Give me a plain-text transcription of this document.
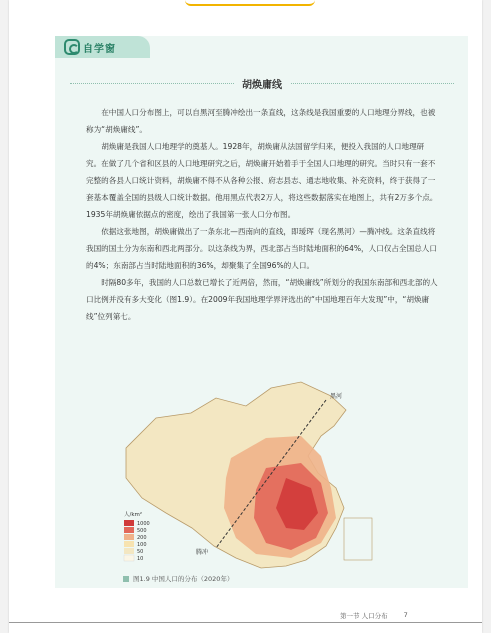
自学窗
胡焕庸线

在中国人口分布图上，可以自黑河至腾冲绘出一条直线，这条线是我国重要的人口地理分界线，也被称为“胡焕庸线”。

胡焕庸是我国人口地理学的奠基人。1928年，胡焕庸从法国留学归来，便投入我国的人口地理研究。在做了几个省和区县的人口地理研究之后，胡焕庸开始着手于全国人口地理的研究。当时只有一套不完整的各县人口统计资料，胡焕庸不得不从各种公报、府志县志、通志地收集、补充资料，终于获得了一套基本覆盖全国的县级人口统计数据。他用黑点代表2万人，将这些数据落实在地图上，共有2万多个点。1935年胡焕庸依据点的密度，绘出了我国第一张人口分布图。

依据这张地图，胡焕庸做出了一条东北—西南向的直线，即瑷珲（现名黑河）—腾冲线。这条直线将我国的国土分为东南和西北两部分。以这条线为界，西北部占当时陆地面积的64%，人口仅占全国总人口的4%；东南部占当时陆地面积的36%，却聚集了全国96%的人口。

时隔80多年，我国的人口总数已增长了近两倍，然而，“胡焕庸线”所划分的我国东南部和西北部的人口比例并没有多大变化（图1.9）。在2009年我国地理学界评选出的“中国地理百年大发现”中，“胡焕庸线”位列第七。

黑河
腾冲
人/km²
1000
500
200
100
50
10
图1.9 中国人口的分布（2020年）
第一节 人口分布 7
